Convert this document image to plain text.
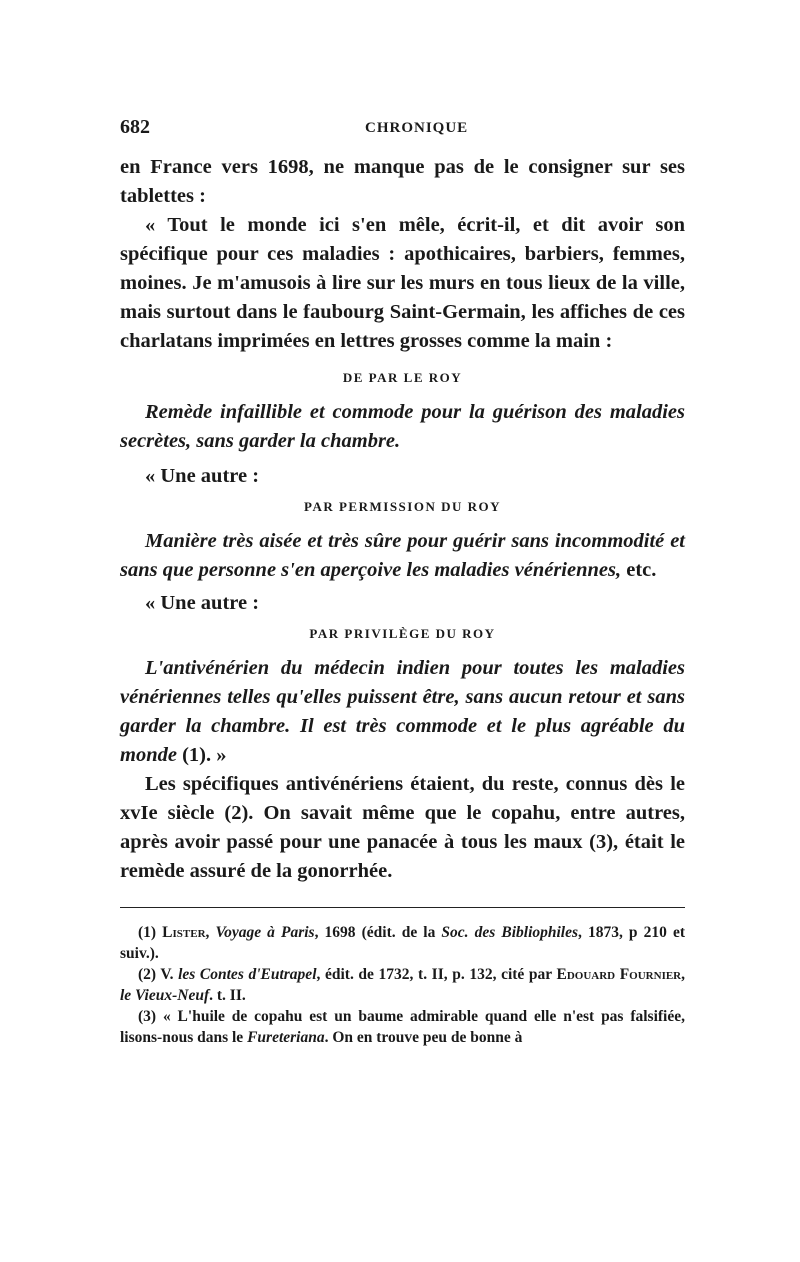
682	CHRONIQUE

en France vers 1698, ne manque pas de le consigner sur ses tablettes :

« Tout le monde ici s'en mêle, écrit-il, et dit avoir son spécifique pour ces maladies : apothicaires, barbiers, femmes, moines. Je m'amusois à lire sur les murs en tous lieux de la ville, mais surtout dans le faubourg Saint-Germain, les affiches de ces charlatans imprimées en lettres grosses comme la main :

DE PAR LE ROY

Remède infaillible et commode pour la guérison des maladies secrètes, sans garder la chambre.

« Une autre :

PAR PERMISSION DU ROY

Manière très aisée et très sûre pour guérir sans incommodité et sans que personne s'en aperçoive les maladies vénériennes, etc.

« Une autre :

PAR PRIVILÈGE DU ROY

L'antivénérien du médecin indien pour toutes les maladies vénériennes telles qu'elles puissent être, sans aucun retour et sans garder la chambre. Il est très commode et le plus agréable du monde (1). »

Les spécifiques antivénériens étaient, du reste, connus dès le xvIe siècle (2). On savait même que le copahu, entre autres, après avoir passé pour une panacée à tous les maux (3), était le remède assuré de la gonorrhée.

(1) Lister, Voyage à Paris, 1698 (édit. de la Soc. des Bibliophiles, 1873, p 210 et suiv.).

(2) V. les Contes d'Eutrapel, édit. de 1732, t. II, p. 132, cité par Edouard Fournier, le Vieux-Neuf. t. II.

(3) « L'huile de copahu est un baume admirable quand elle n'est pas falsifiée, lisons-nous dans le Fureteriana. On en trouve peu de bonne à
